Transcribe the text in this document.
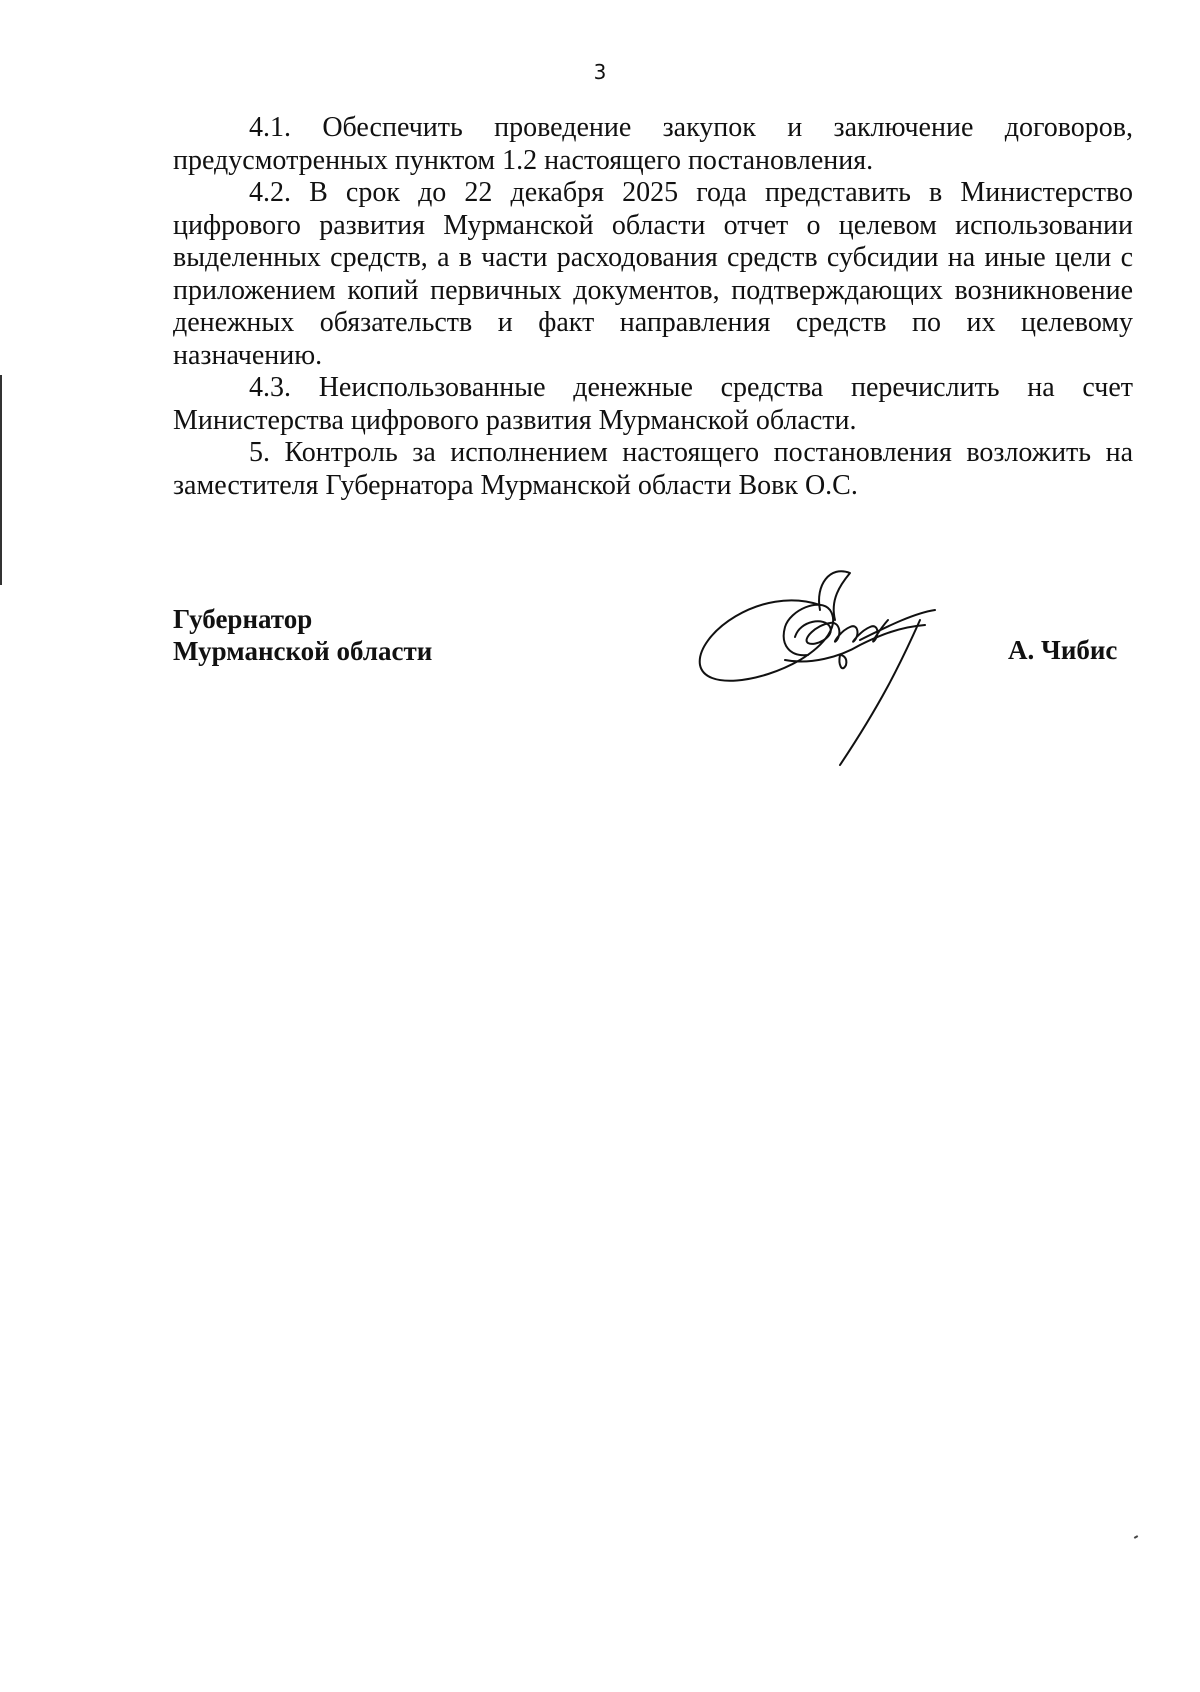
3

4.1. Обеспечить проведение закупок и заключение договоров, предусмотренных пунктом 1.2 настоящего постановления.

4.2. В срок до 22 декабря 2025 года представить в Министерство цифрового развития Мурманской области отчет о целевом использовании выделенных средств, а в части расходования средств субсидии на иные цели с приложением копий первичных документов, подтверждающих возникновение денежных обязательств и факт направления средств по их целевому назначению.

4.3. Неиспользованные денежные средства перечислить на счет Министерства цифрового развития Мурманской области.

5. Контроль за исполнением настоящего постановления возложить на заместителя Губернатора Мурманской области Вовк О.С.

Губернатор
Мурманской области	А. Чибис
